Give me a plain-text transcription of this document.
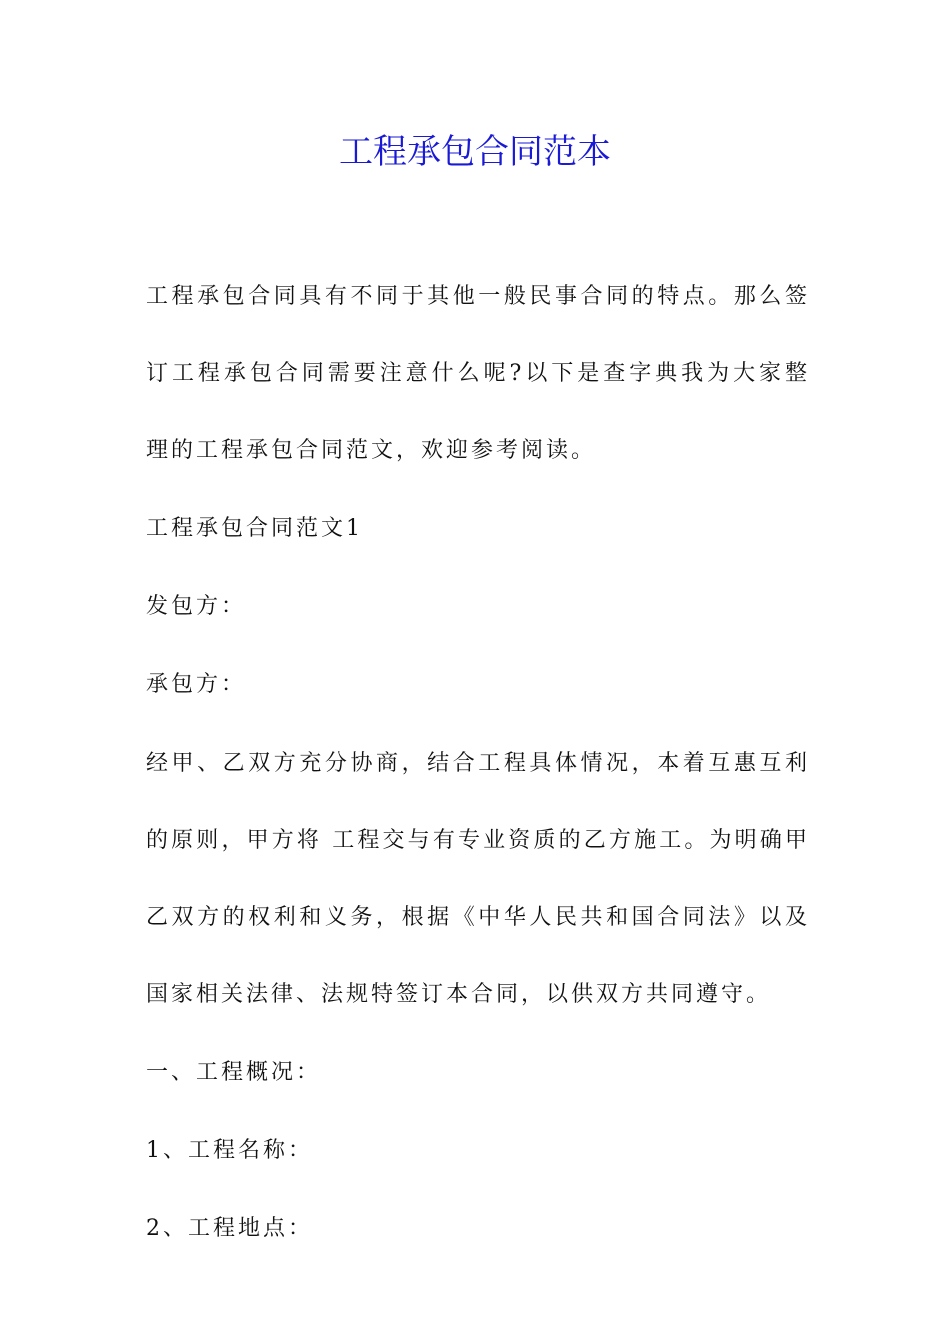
工程承包合同范本

工程承包合同具有不同于其他一般民事合同的特点。那么签订工程承包合同需要注意什么呢?以下是查字典我为大家整理的工程承包合同范文，欢迎参考阅读。

工程承包合同范文1

发包方：

承包方：

经甲、乙双方充分协商，结合工程具体情况，本着互惠互利的原则，甲方将 工程交与有专业资质的乙方施工。为明确甲乙双方的权利和义务，根据《中华人民共和国合同法》以及国家相关法律、法规特签订本合同，以供双方共同遵守。

一、工程概况：

1、工程名称：

2、工程地点：
